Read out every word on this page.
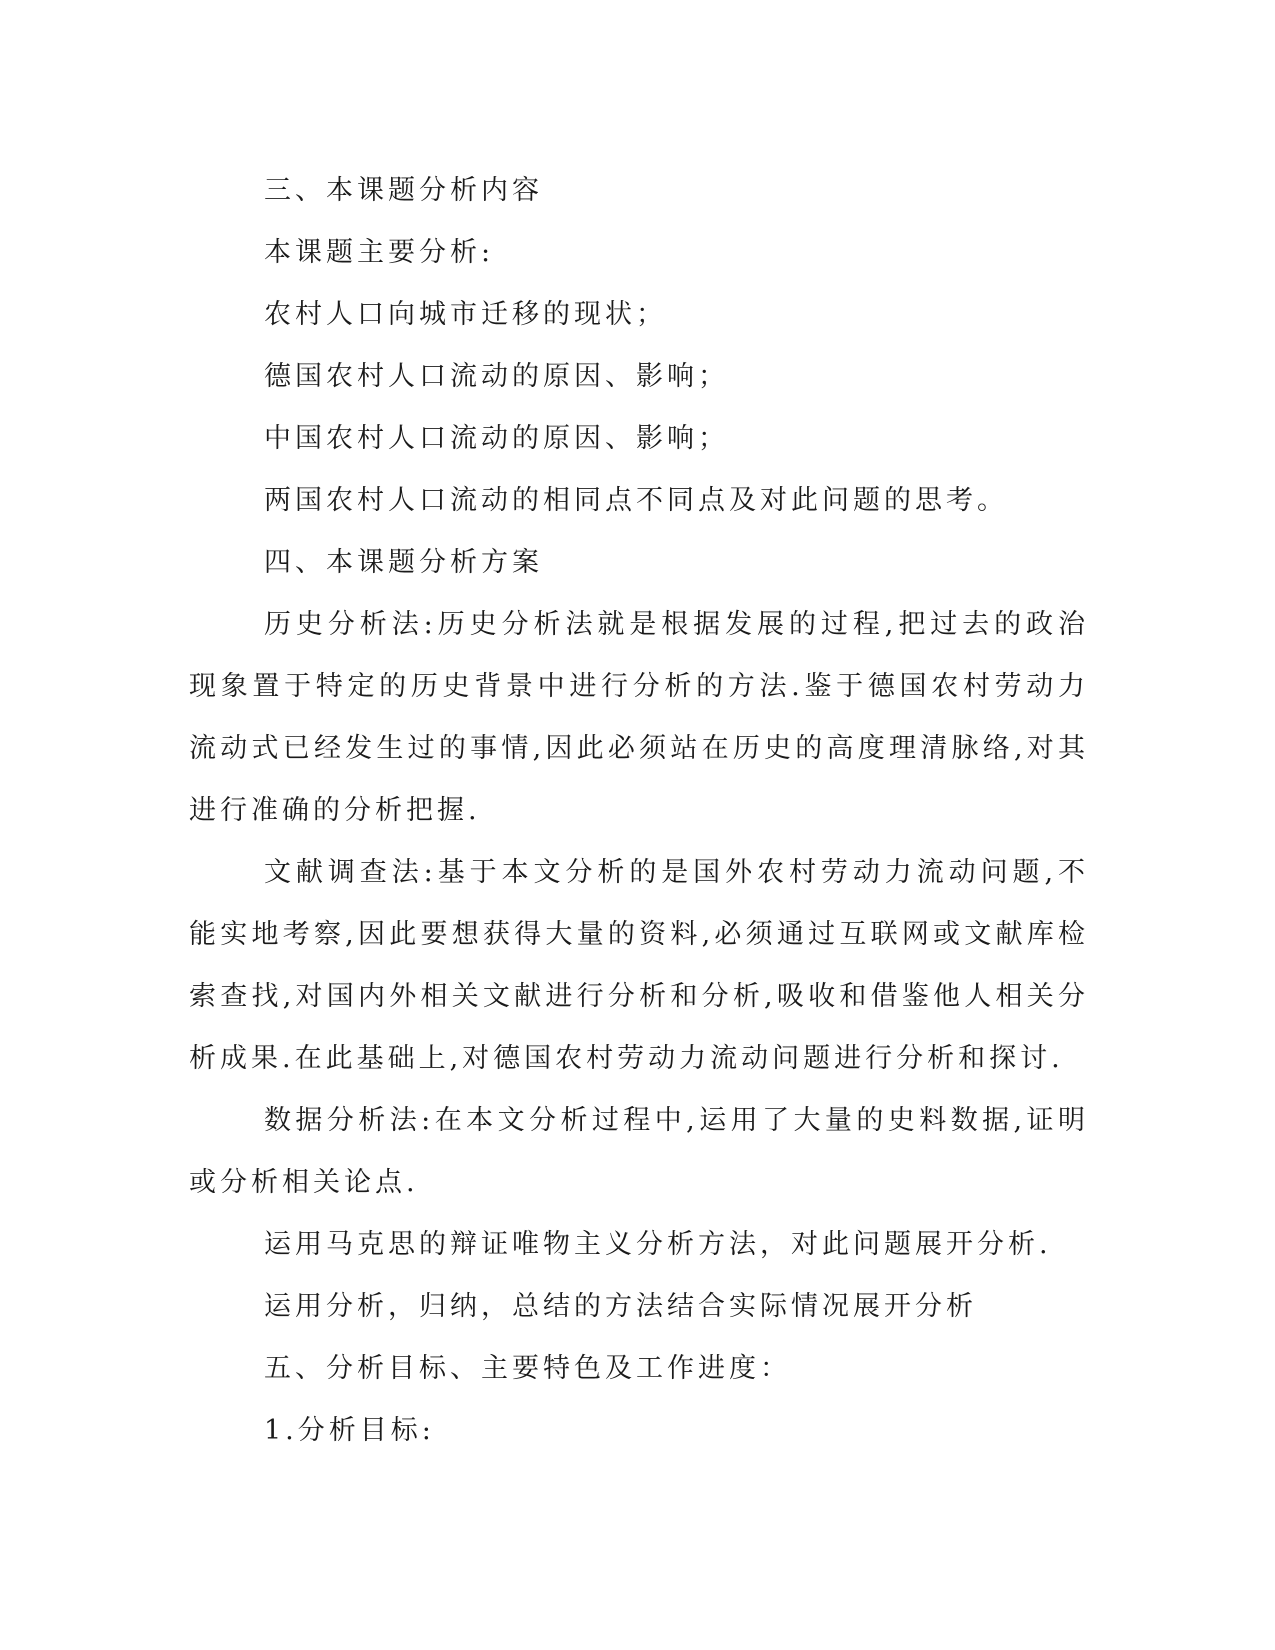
三、本课题分析内容
本课题主要分析:
农村人口向城市迁移的现状；
德国农村人口流动的原因、影响；
中国农村人口流动的原因、影响；
两国农村人口流动的相同点不同点及对此问题的思考。
四、本课题分析方案

历史分析法:历史分析法就是根据发展的过程,把过去的政治现象置于特定的历史背景中进行分析的方法.鉴于德国农村劳动力流动式已经发生过的事情,因此必须站在历史的高度理清脉络,对其进行准确的分析把握.

文献调查法:基于本文分析的是国外农村劳动力流动问题,不能实地考察,因此要想获得大量的资料,必须通过互联网或文献库检索查找,对国内外相关文献进行分析和分析,吸收和借鉴他人相关分析成果.在此基础上,对德国农村劳动力流动问题进行分析和探讨.

数据分析法:在本文分析过程中,运用了大量的史料数据,证明或分析相关论点.

运用马克思的辩证唯物主义分析方法，对此问题展开分析.
运用分析，归纳，总结的方法结合实际情况展开分析
五、分析目标、主要特色及工作进度：
1.分析目标:
